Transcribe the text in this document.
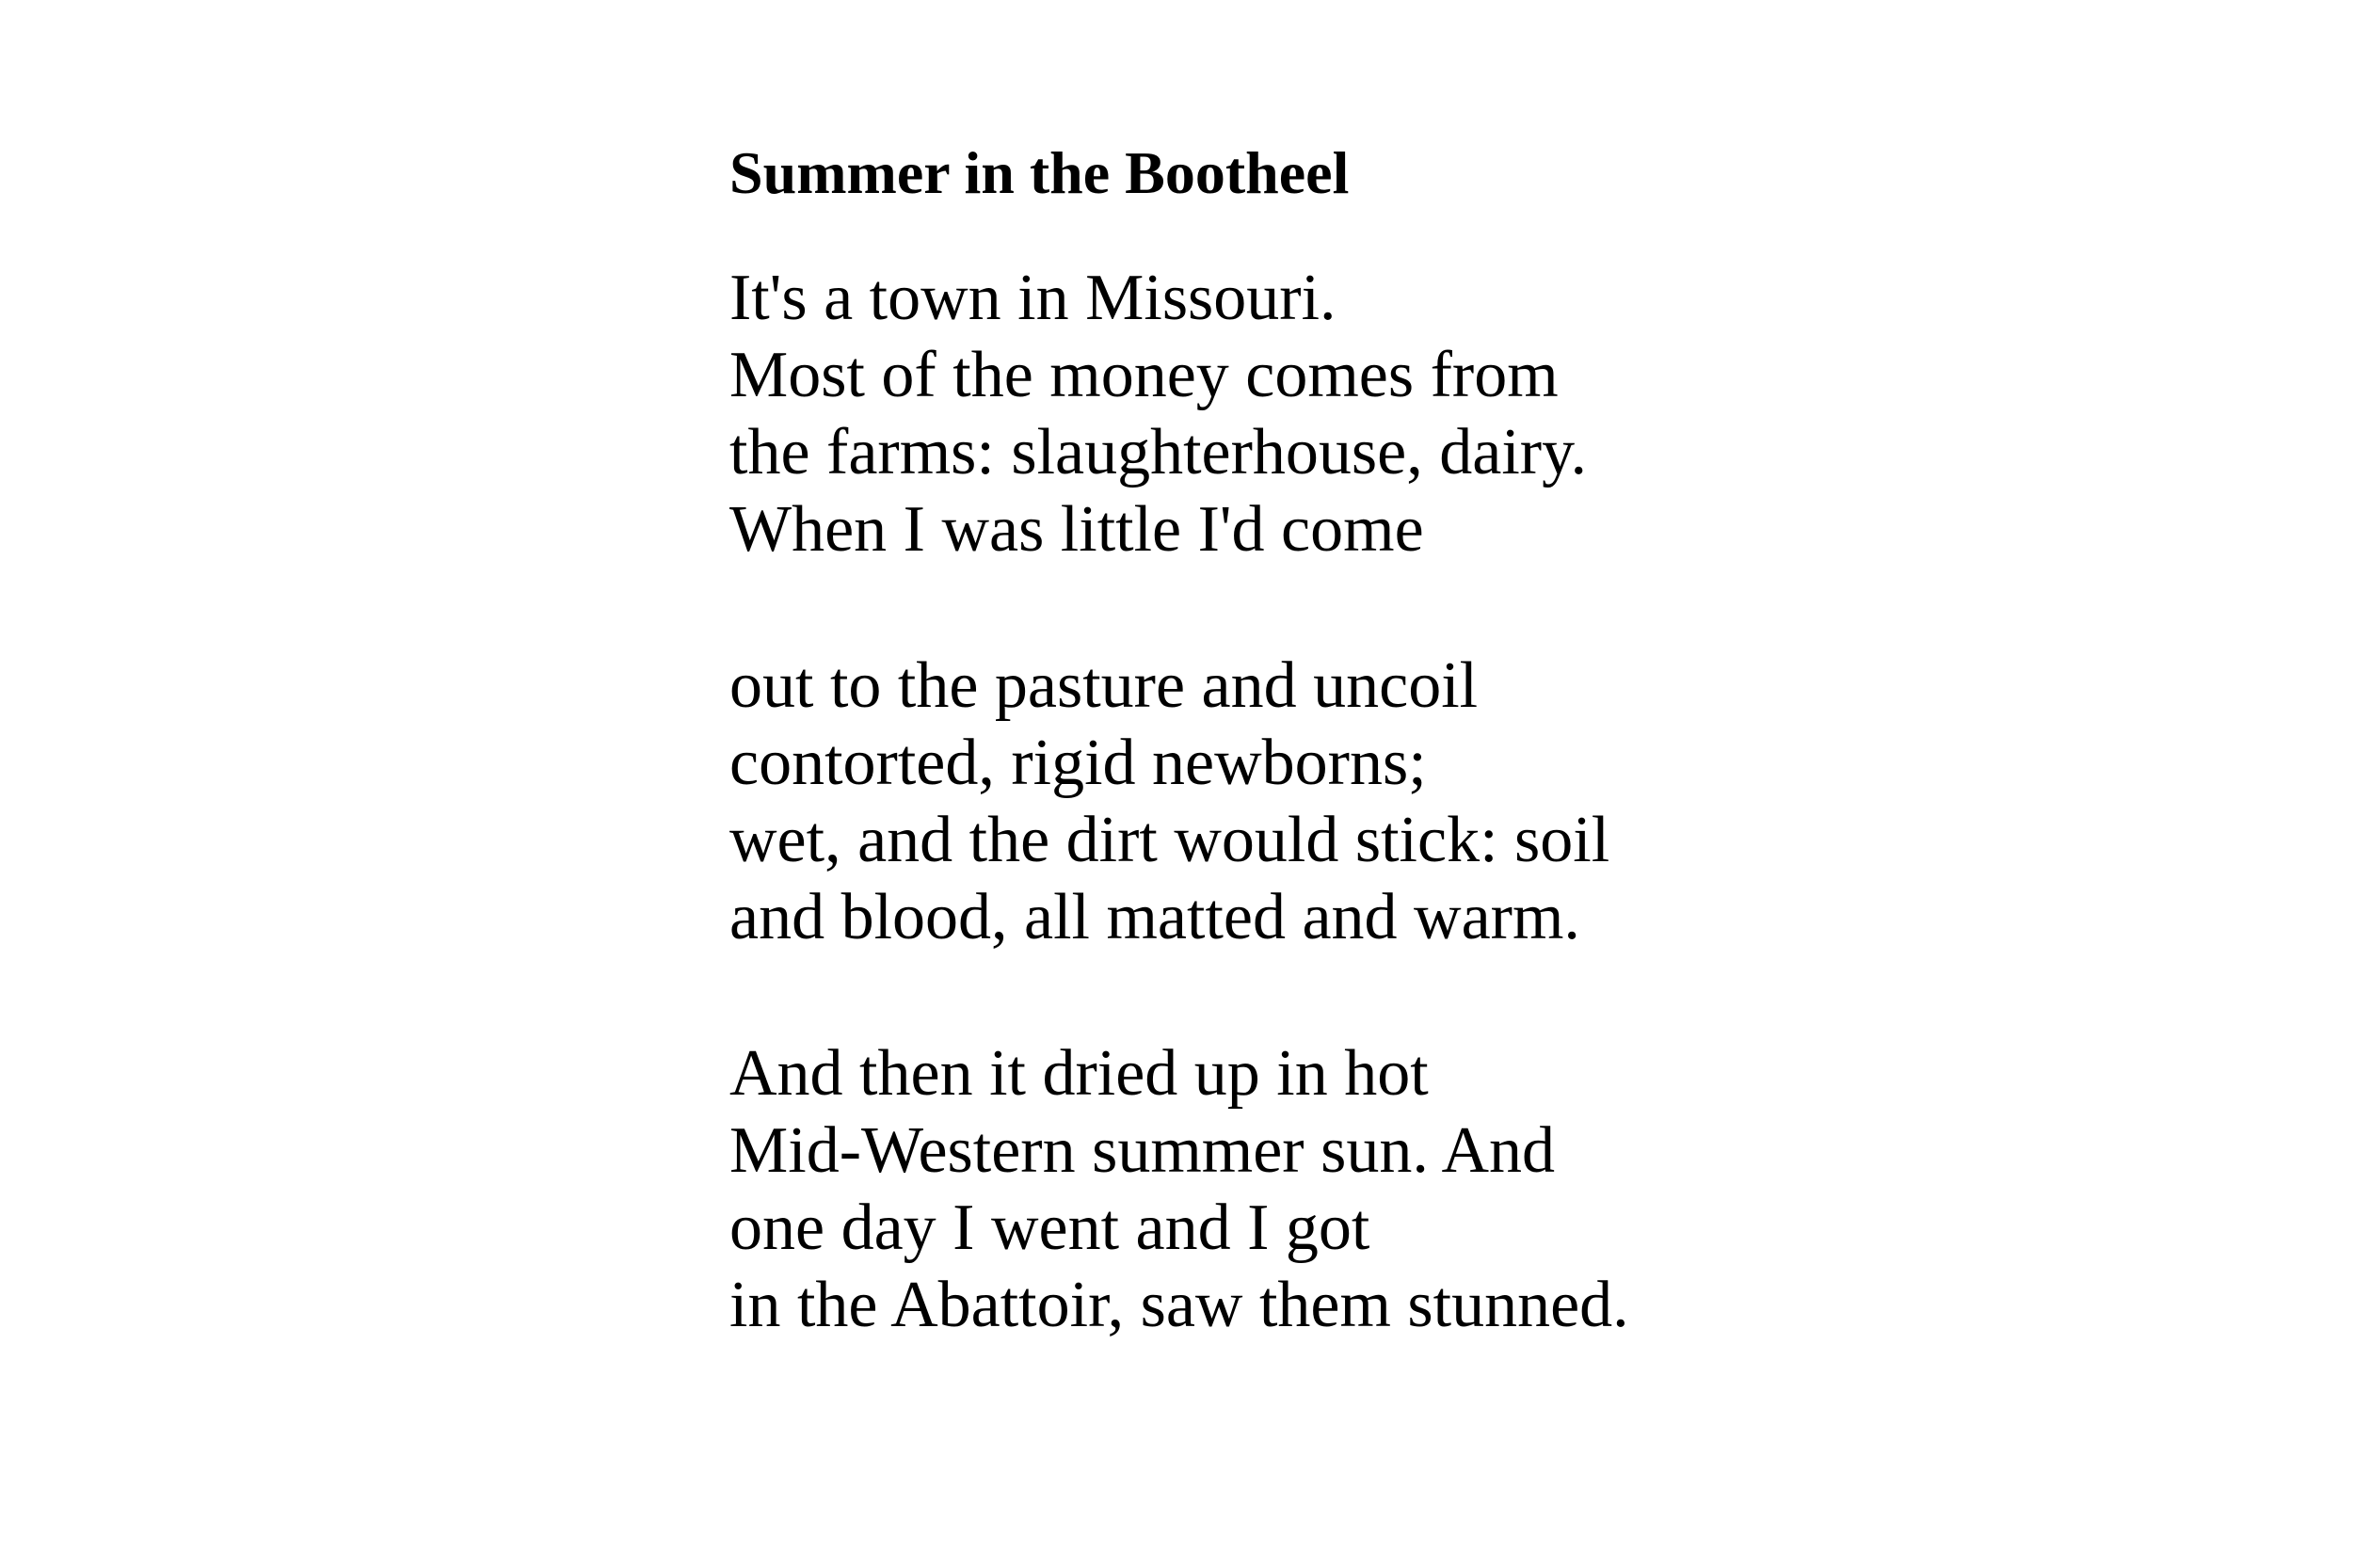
Summer in the Bootheel
It's a town in Missouri.
Most of the money comes from
the farms: slaughterhouse, dairy.
When I was little I'd come
out to the pasture and uncoil
contorted, rigid newborns;
wet, and the dirt would stick: soil
and blood, all matted and warm.
And then it dried up in hot
Mid-Western summer sun. And
one day I went and I got
in the Abattoir, saw them stunned.
